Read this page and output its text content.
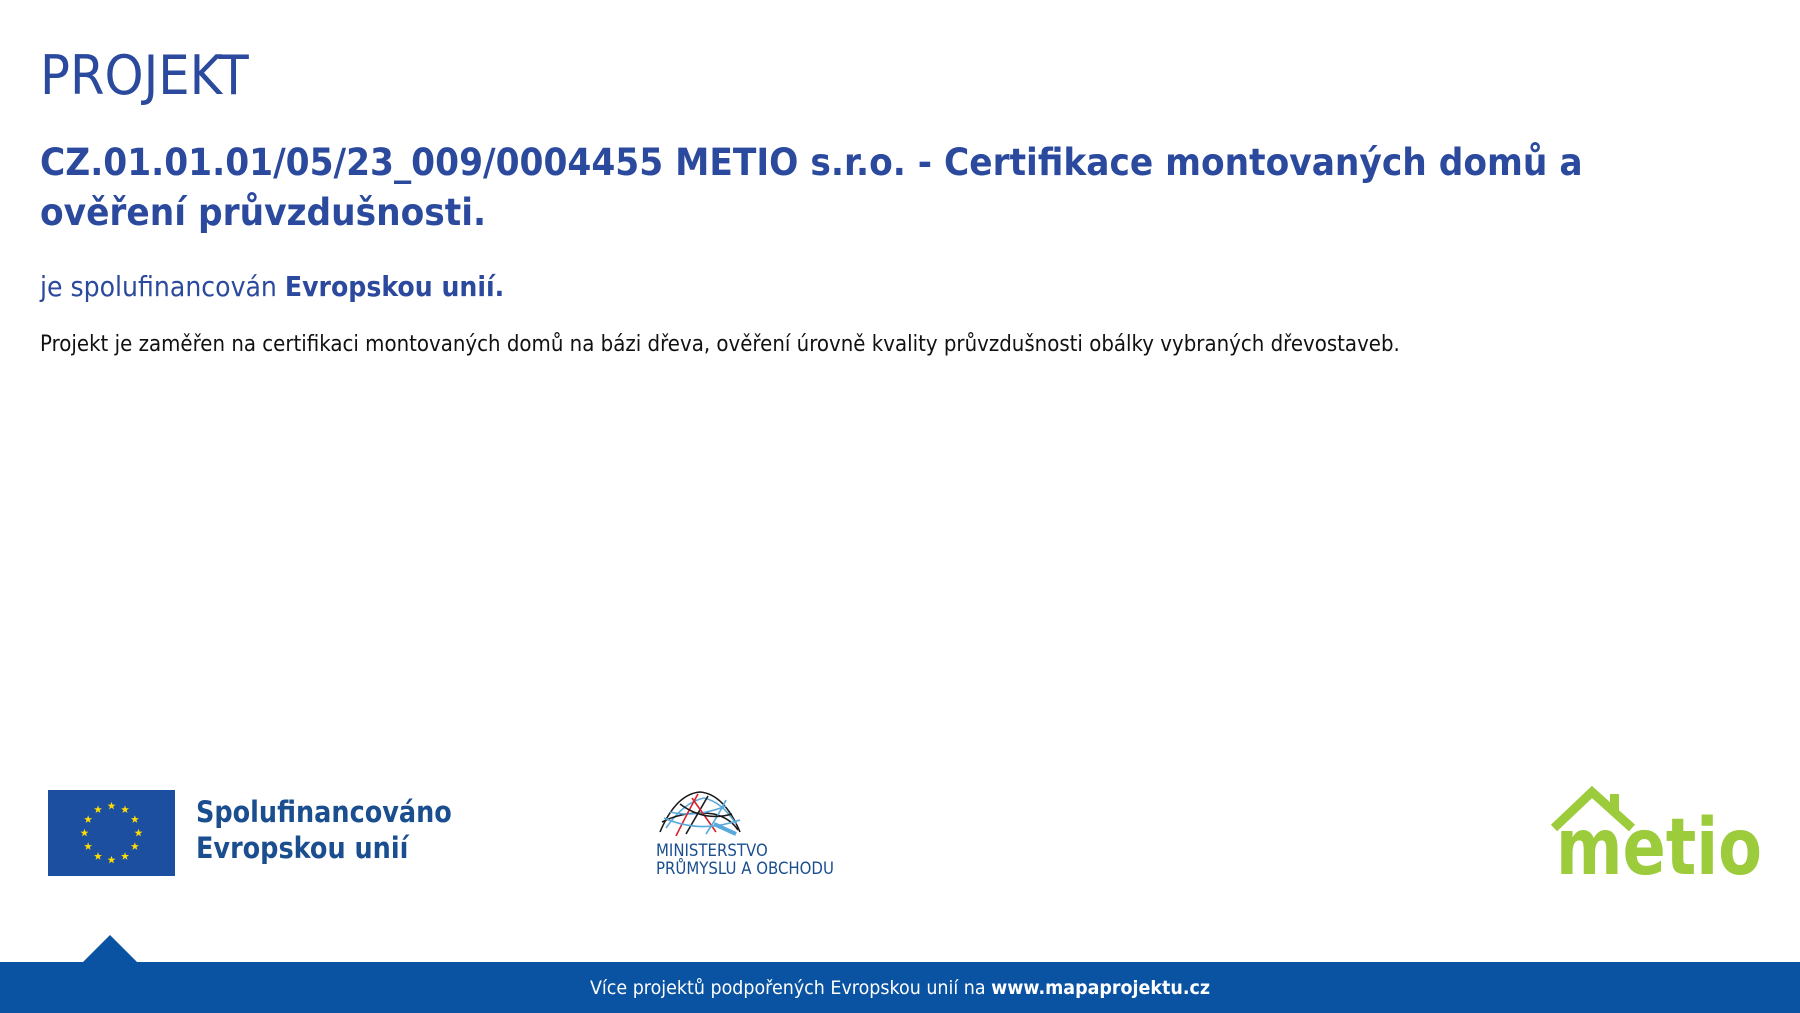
PROJEKT
CZ.01.01.01/05/23_009/0004455 METIO s.r.o. - Certifikace montovaných domů a ověření průvzdušnosti.
je spolufinancován Evropskou unií.
Projekt je zaměřen na certifikaci montovaných domů na bázi dřeva, ověření úrovně kvality průvzdušnosti obálky vybraných dřevostaveb.
Spolufinancováno
Evropskou unií	MINISTERSTVO
PRŮMYSLU A OBCHODU	metio
Více projektů podpořených Evropskou unií na www.mapaprojektu.cz
